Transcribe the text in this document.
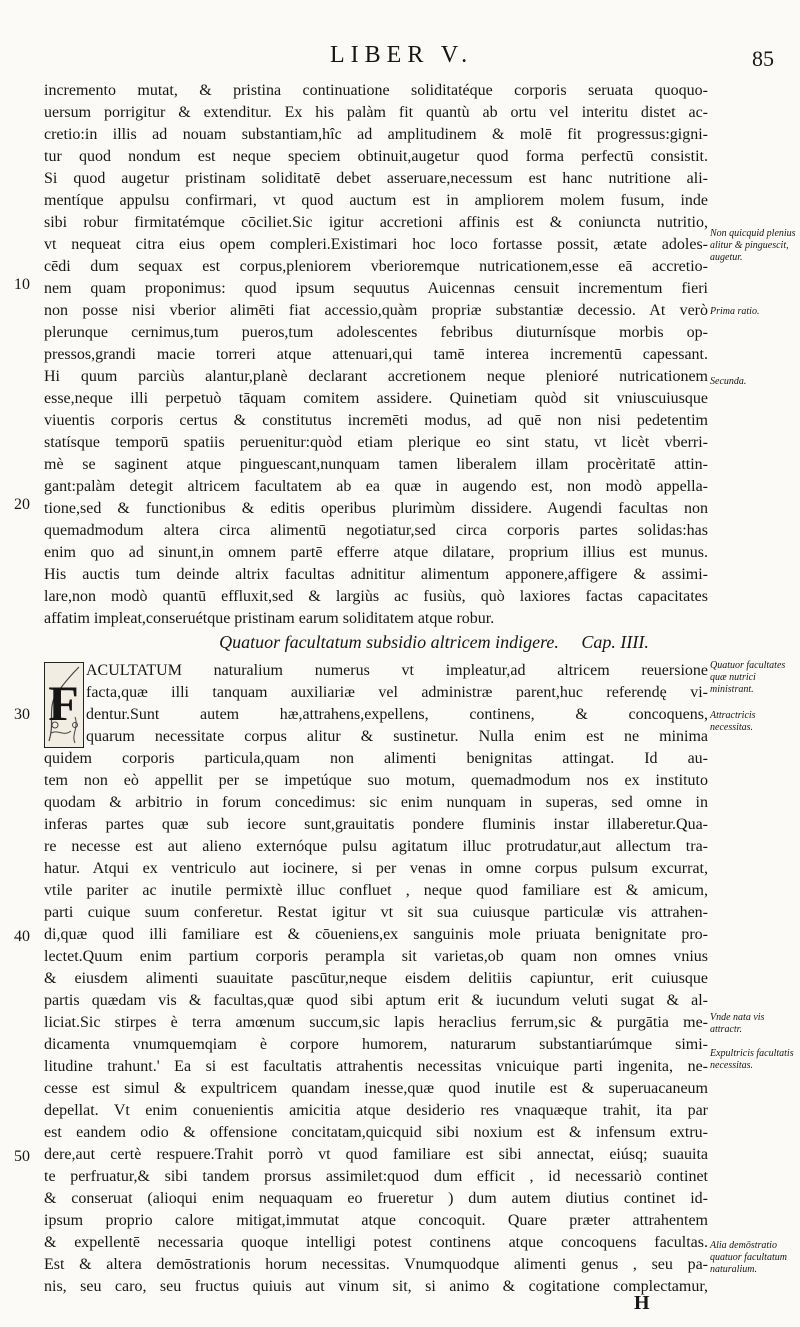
LIBER V.	85
10
20
30
40
50
incremento mutat, & pristina continuatione soliditatéque corporis seruata quoquo-
uersum porrigitur & extenditur. Ex his palàm fit quantù ab ortu vel interitu distet ac-
cretio:in illis ad nouam substantiam,hîc ad amplitudinem & molē fit progressus:gigni-
tur quod nondum est neque speciem obtinuit,augetur quod forma perfectū consistit.
Si quod augetur pristinam soliditatē debet asseruare,necessum est hanc nutritione ali-
mentíque appulsu confirmari, vt quod auctum est in ampliorem molem fusum, inde
sibi robur firmitatémque cōciliet.Sic igitur accretioni affinis est & coniuncta nutritio,
vt nequeat citra eius opem compleri.Existimari hoc loco fortasse possit, ætate adoles-
cēdi dum sequax est corpus,pleniorem vberioremque nutricationem,esse eā accretio-
nem quam proponimus: quod ipsum sequutus Auicennas censuit incrementum fieri
non posse nisi vberior alimēti fiat accessio,quàm propriæ substantiæ decessio. At verò
plerunque cernimus,tum pueros,tum adolescentes febribus diuturnísque morbis op-
pressos,grandi macie torreri atque attenuari,qui tamē interea incrementū capessant.
Hi quum parciùs alantur,planè declarant accretionem neque plenioré nutricationem
esse,neque illi perpetuò tāquam comitem assidere. Quinetiam quòd sit vniuscuiusque
viuentis corporis certus & constitutus incremēti modus, ad quē non nisi pedetentim
statísque temporū spatiis peruenitur:quòd etiam plerique eo sint statu, vt licèt vberri-
mè se saginent atque pinguescant,nunquam tamen liberalem illam procèritatē attin-
gant:palàm detegit altricem facultatem ab ea quæ in augendo est, non modò appella-
tione,sed & functionibus & editis operibus plurimùm dissidere. Augendi facultas non
quemadmodum altera circa alimentū negotiatur,sed circa corporis partes solidas:has
enim quo ad sinunt,in omnem partē efferre atque dilatare, proprium illius est munus.
His auctis tum deinde altrix facultas adnititur alimentum apponere,affigere & assimi-
lare,non modò quantū effluxit,sed & largiùs ac fusiùs, quò laxiores factas capacitates
affatim impleat,conseruétque pristinam earum soliditatem atque robur.
Quatuor facultatum subsidio altricem indigere. Cap. IIII.
F
ACULTATUM naturalium numerus vt impleatur,ad altricem reuersione
facta,quæ illi tanquam auxiliariæ vel administræ parent,huc referendę vi-
dentur.Sunt autem hæ,attrahens,expellens, continens, & concoquens,
quarum necessitate corpus alitur & sustinetur. Nulla enim est ne minima
quidem corporis particula,quam non alimenti benignitas attingat. Id au-
tem non eò appellit per se impetúque suo motum, quemadmodum nos ex instituto
quodam & arbitrio in forum concedimus: sic enim nunquam in superas, sed omne in
inferas partes quæ sub iecore sunt,grauitatis pondere fluminis instar illaberetur.Qua-
re necesse est aut alieno externóque pulsu agitatum illuc protrudatur,aut allectum tra-
hatur. Atqui ex ventriculo aut iocinere, si per venas in omne corpus pulsum excurrat,
vtile pariter ac inutile permixtè illuc confluet , neque quod familiare est & amicum,
parti cuique suum conferetur. Restat igitur vt sit sua cuiusque particulæ vis attrahen-
di,quæ quod illi familiare est & cōueniens,ex sanguinis mole priuata benignitate pro-
lectet.Quum enim partium corporis perampla sit varietas,ob quam non omnes vnius
& eiusdem alimenti suauitate pascūtur,neque eisdem delitiis capiuntur, erit cuiusque
partis quædam vis & facultas,quæ quod sibi aptum erit & iucundum veluti sugat & al-
liciat.Sic stirpes è terra amœnum succum,sic lapis heraclius ferrum,sic & purgātia me-
dicamenta vnumquemqiam è corpore humorem, naturarum substantiarúmque simi-
litudine trahunt.' Ea si est facultatis attrahentis necessitas vnicuique parti ingenita, ne-
cesse est simul & expultricem quandam inesse,quæ quod inutile est & superuacaneum
depellat. Vt enim conuenientis amicitia atque desiderio res vnaquæque trahit, ita par
est eandem odio & offensione concitatam,quicquid sibi noxium est & infensum extru-
dere,aut certè respuere.Trahit porrò vt quod familiare est sibi annectat, eiúsq; suauita
te perfruatur,& sibi tandem prorsus assimilet:quod dum efficit , id necessariò continet
& conseruat (alioqui enim nequaquam eo frueretur ) dum autem diutius continet id-
ipsum proprio calore mitigat,immutat atque concoquit. Quare præter attrahentem
& expellentē necessaria quoque intelligi potest continens atque concoquens facultas.
Est & altera demōstrationis horum necessitas. Vnumquodque alimenti genus , seu pa-
nis, seu caro, seu fructus quiuis aut vinum sit, si animo & cogitatione complectamur,
Non quicquid plenius alitur & pinguescit, augetur.
Prima ratio.
Secunda.
Quatuor facultates quæ nutrici ministrant.
Attractricis necessitas.
Vnde nata vis attractr.
Expultricis facultatis necessitas.
Alia demōstratio quatuor facultatum naturalium.
H
